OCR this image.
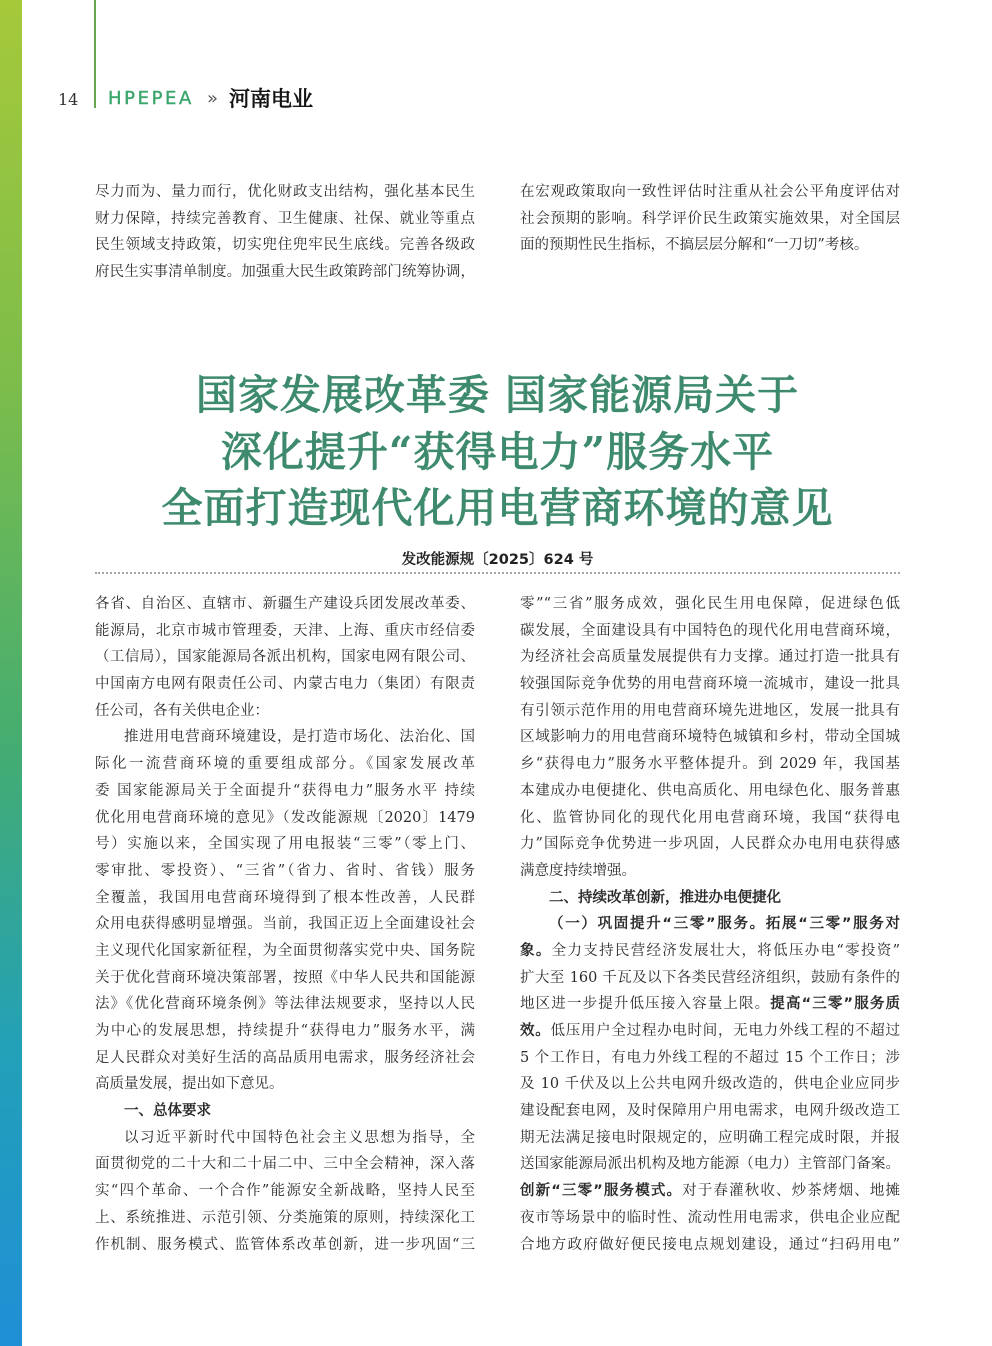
14	HPEPEA » 河南电业
尽力而为、量力而行，优化财政支出结构，强化基本民生
财力保障，持续完善教育、卫生健康、社保、就业等重点
民生领域支持政策，切实兜住兜牢民生底线。完善各级政
府民生实事清单制度。加强重大民生政策跨部门统筹协调，
在宏观政策取向一致性评估时注重从社会公平角度评估对
社会预期的影响。科学评价民生政策实施效果，对全国层
面的预期性民生指标，不搞层层分解和“一刀切”考核。
国家发展改革委 国家能源局关于
深化提升“获得电力”服务水平
全面打造现代化用电营商环境的意见
发改能源规〔2025〕624 号
各省、自治区、直辖市、新疆生产建设兵团发展改革委、
能源局，北京市城市管理委，天津、上海、重庆市经信委
（工信局），国家能源局各派出机构，国家电网有限公司、
中国南方电网有限责任公司、内蒙古电力（集团）有限责
任公司，各有关供电企业：
推进用电营商环境建设，是打造市场化、法治化、国
际化一流营商环境的重要组成部分。《国家发展改革
委 国家能源局关于全面提升“获得电力”服务水平 持续
优化用电营商环境的意见》（发改能源规〔2020〕1479
号）实施以来，全国实现了用电报装“三零”（零上门、
零审批、零投资）、“三省”（省力、省时、省钱）服务
全覆盖，我国用电营商环境得到了根本性改善，人民群
众用电获得感明显增强。当前，我国正迈上全面建设社会
主义现代化国家新征程，为全面贯彻落实党中央、国务院
关于优化营商环境决策部署，按照《中华人民共和国能源
法》《优化营商环境条例》等法律法规要求，坚持以人民
为中心的发展思想，持续提升“获得电力”服务水平，满
足人民群众对美好生活的高品质用电需求，服务经济社会
高质量发展，提出如下意见。
一、总体要求
以习近平新时代中国特色社会主义思想为指导，全
面贯彻党的二十大和二十届二中、三中全会精神，深入落
实“四个革命、一个合作”能源安全新战略，坚持人民至
上、系统推进、示范引领、分类施策的原则，持续深化工
作机制、服务模式、监管体系改革创新，进一步巩固“三
零”“三省”服务成效，强化民生用电保障，促进绿色低
碳发展，全面建设具有中国特色的现代化用电营商环境，
为经济社会高质量发展提供有力支撑。通过打造一批具有
较强国际竞争优势的用电营商环境一流城市，建设一批具
有引领示范作用的用电营商环境先进地区，发展一批具有
区域影响力的用电营商环境特色城镇和乡村，带动全国城
乡“获得电力”服务水平整体提升。到 2029 年，我国基
本建成办电便捷化、供电高质化、用电绿色化、服务普惠
化、监管协同化的现代化用电营商环境，我国“获得电
力”国际竞争优势进一步巩固，人民群众办电用电获得感
满意度持续增强。
二、持续改革创新，推进办电便捷化
（一）巩固提升“三零”服务。拓展“三零”服务对
象。全力支持民营经济发展壮大，将低压办电“零投资”
扩大至 160 千瓦及以下各类民营经济组织，鼓励有条件的
地区进一步提升低压接入容量上限。提高“三零”服务质
效。低压用户全过程办电时间，无电力外线工程的不超过
5 个工作日，有电力外线工程的不超过 15 个工作日；涉
及 10 千伏及以上公共电网升级改造的，供电企业应同步
建设配套电网，及时保障用户用电需求，电网升级改造工
期无法满足接电时限规定的，应明确工程完成时限，并报
送国家能源局派出机构及地方能源（电力）主管部门备案。
创新“三零”服务模式。对于春灌秋收、炒茶烤烟、地摊
夜市等场景中的临时性、流动性用电需求，供电企业应配
合地方政府做好便民接电点规划建设，通过“扫码用电”
